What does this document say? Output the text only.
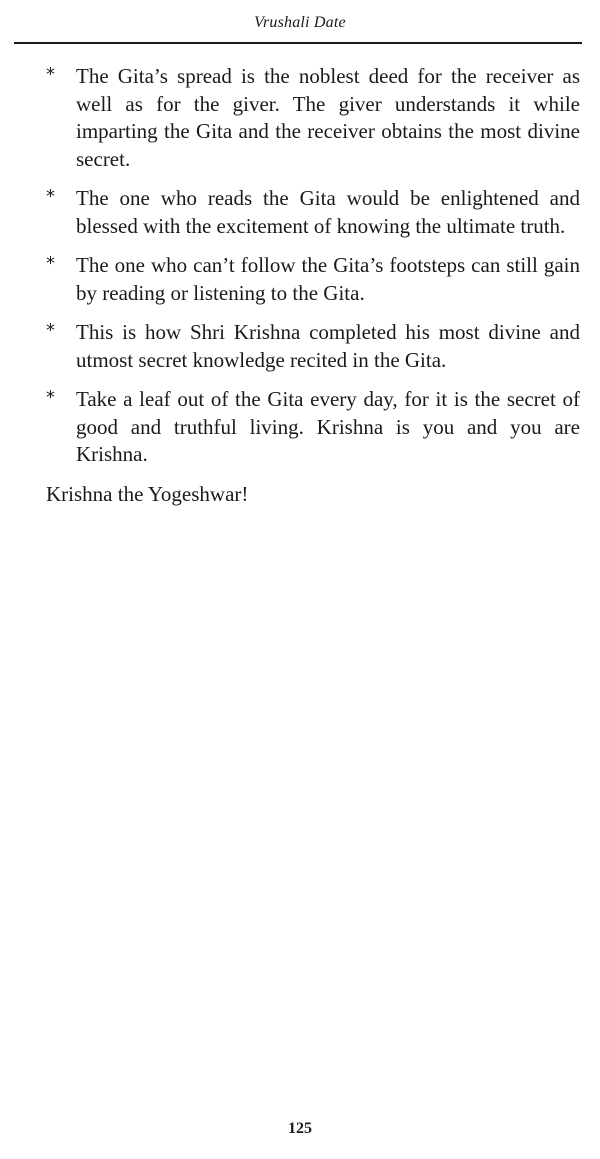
Vrushali Date
*	The Gita’s spread is the noblest deed for the receiver as well as for the giver. The giver understands it while imparting the Gita and the receiver obtains the most divine secret.

*	The one who reads the Gita would be enlightened and blessed with the excitement of knowing the ultimate truth.

*	The one who can’t follow the Gita’s footsteps can still gain by reading or listening to the Gita.

*	This is how Shri Krishna completed his most divine and utmost secret knowledge recited in the Gita.

*	Take a leaf out of the Gita every day, for it is the secret of good and truthful living. Krishna is you and you are Krishna.

Krishna the Yogeshwar!

125
